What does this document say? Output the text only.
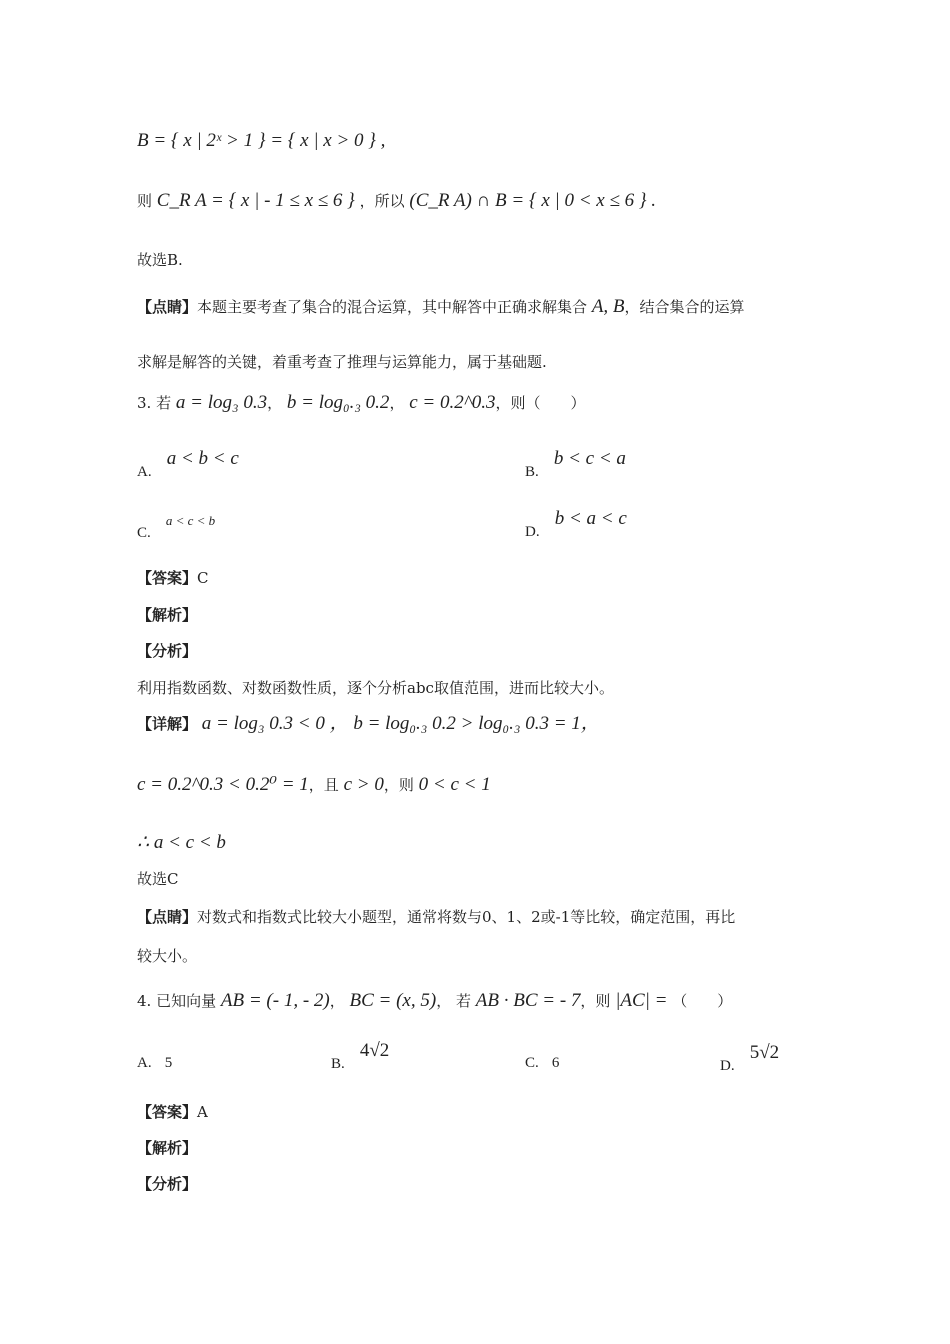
B = { x | 2ˣ > 1 } = { x | x > 0 } ,
则 C_R A = { x | - 1 ≤ x ≤ 6 } ，所以 (C_R A) ∩ B = { x | 0 < x ≤ 6 } .
故选B.
【点睛】本题主要考查了集合的混合运算，其中解答中正确求解集合 A, B，结合集合的运算
求解是解答的关键，着重考查了推理与运算能力，属于基础题.
3. 若 a = log₃ 0.3， b = log₀.₃ 0.2， c = 0.2^0.3，则（　　）
A. a < b < c
B. b < c < a
C. a < c < b
D. b < a < c
【答案】C
【解析】
【分析】
利用指数函数、对数函数性质，逐个分析abc取值范围，进而比较大小。
【详解】 a = log₃ 0.3 < 0 ， b = log₀.₃ 0.2 > log₀.₃ 0.3 = 1，
c = 0.2^0.3 < 0.2⁰ = 1，且 c > 0，则 0 < c < 1
∴ a < c < b
故选C
【点睛】对数式和指数式比较大小题型，通常将数与0、1、2或-1等比较，确定范围，再比
较大小。
4. 已知向量 AB = (- 1, - 2)， BC = (x, 5)， 若 AB · BC = - 7，则 |AC| = （　　）
A. 5	B. 4√2
C. 6	D. 5√2
【答案】A
【解析】
【分析】
